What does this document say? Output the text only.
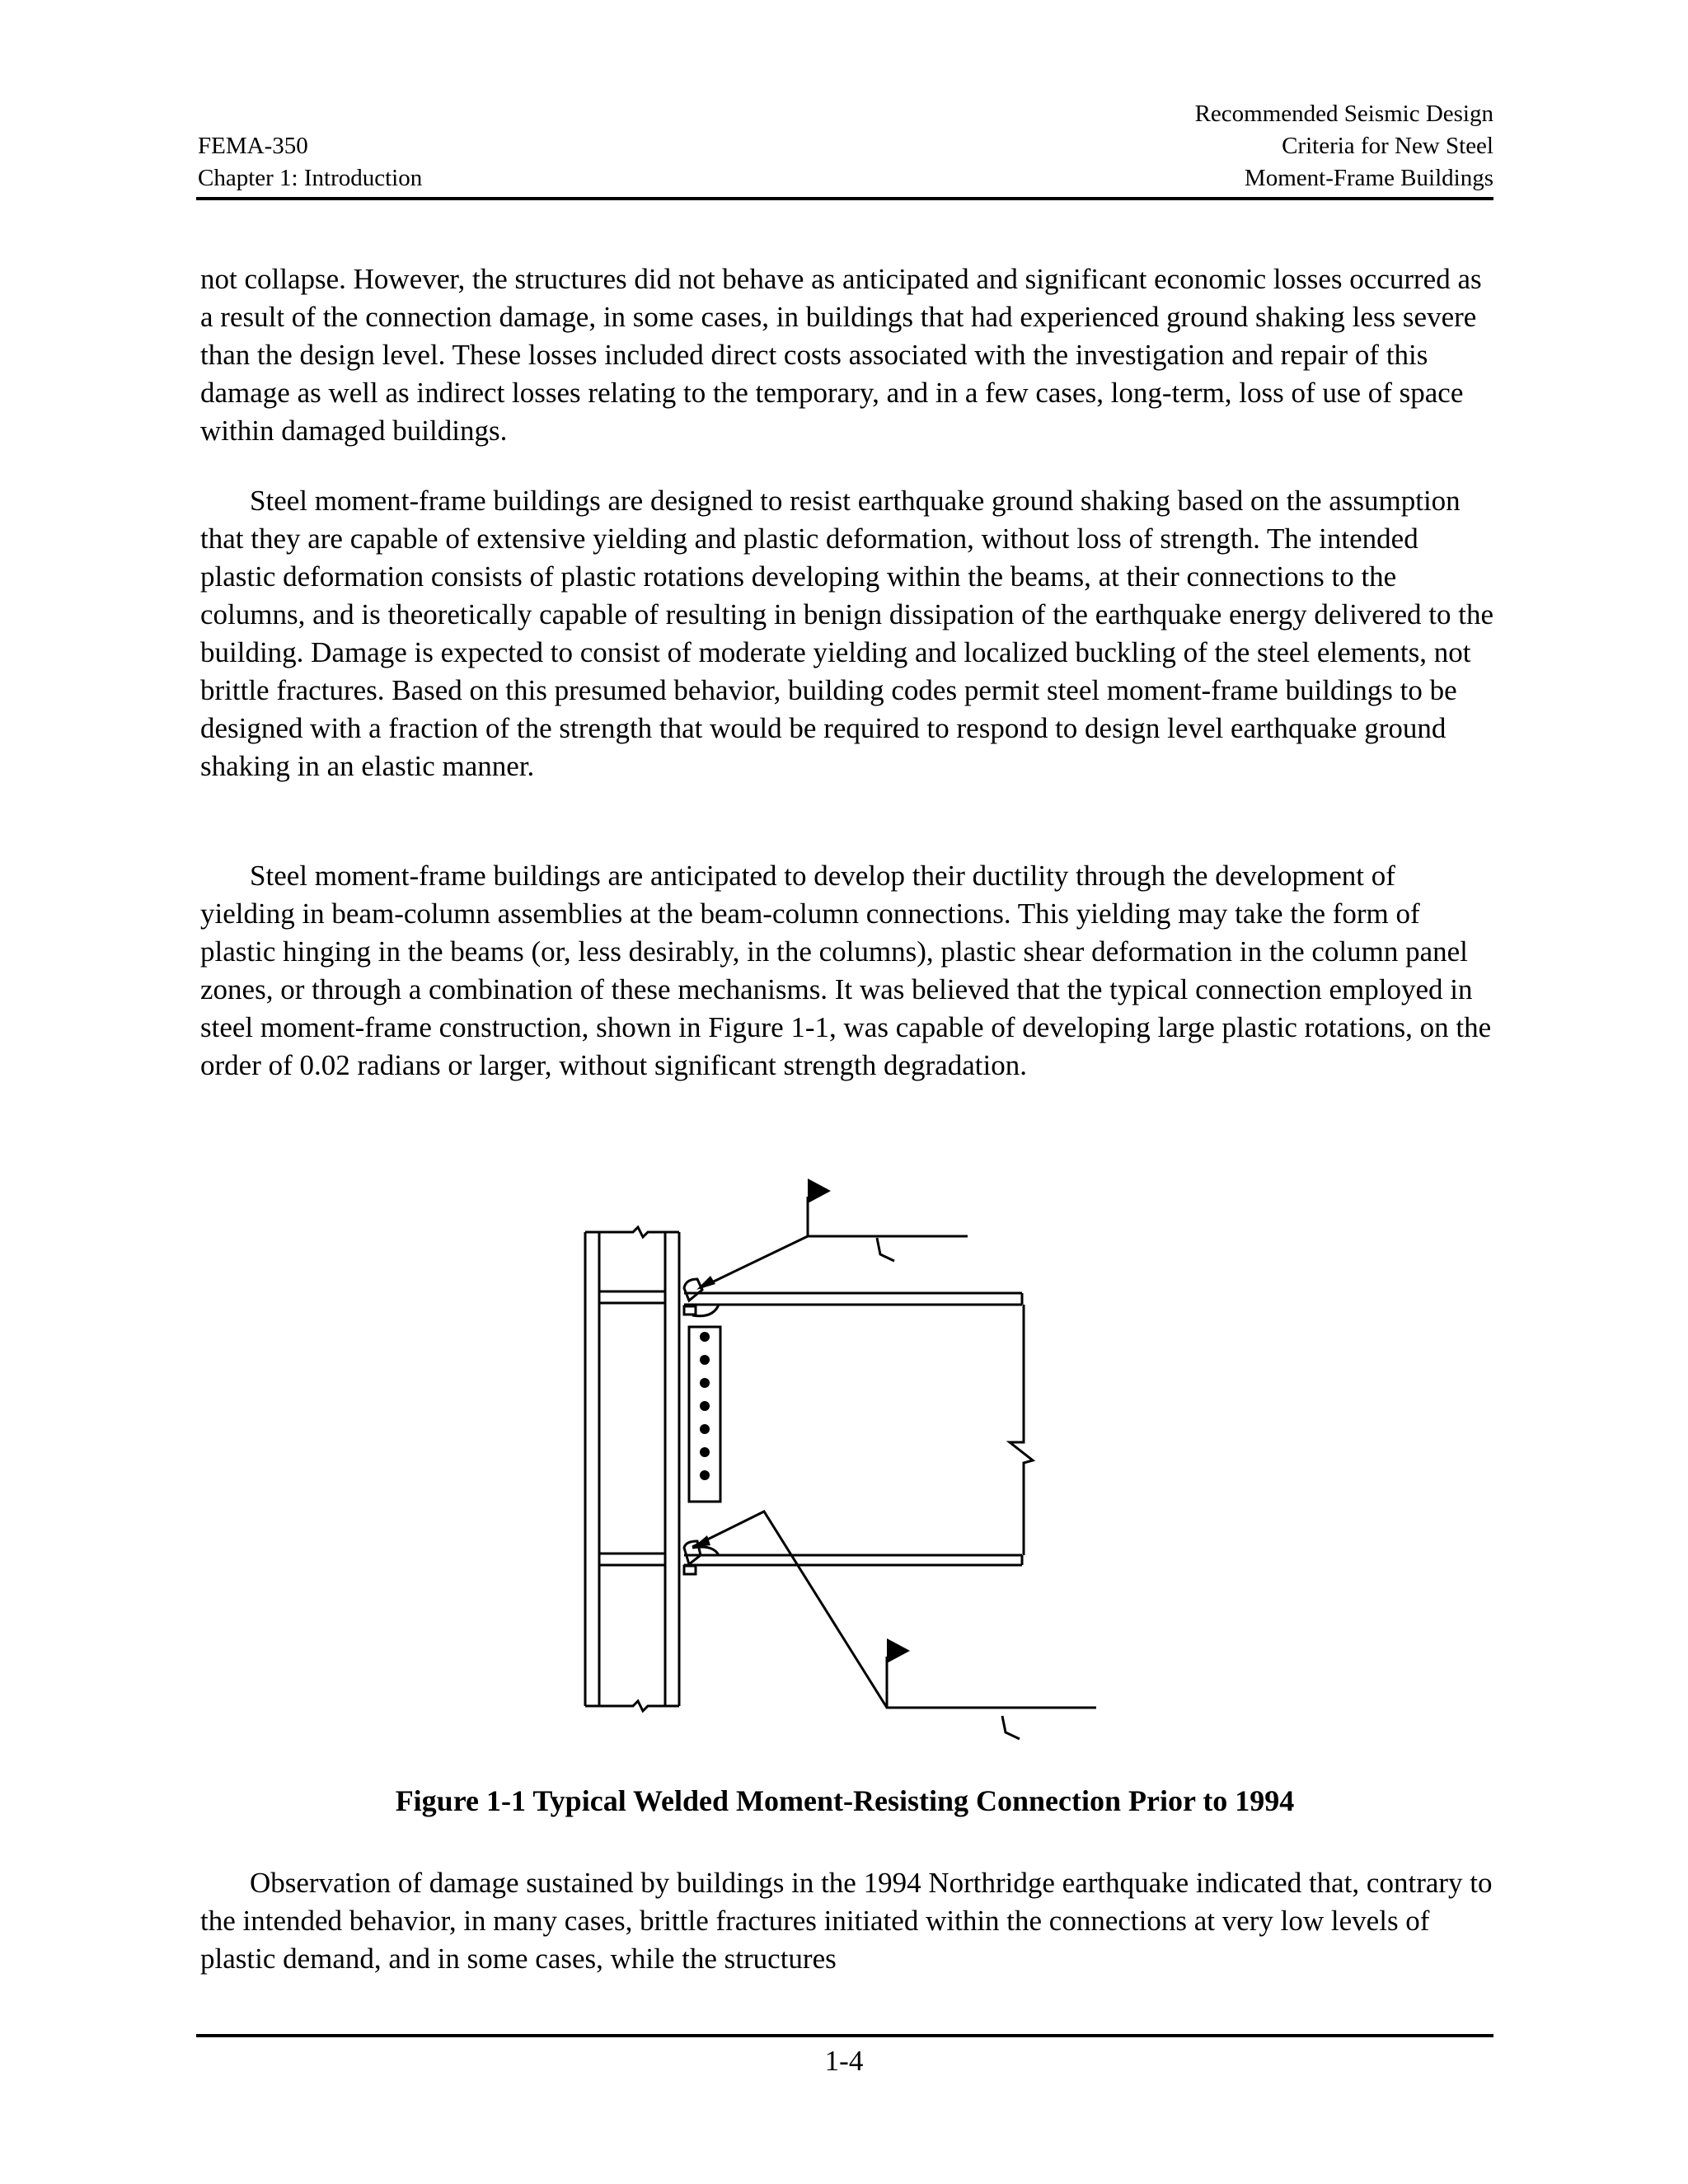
FEMA-350
Chapter 1: Introduction
Recommended Seismic Design
Criteria for New Steel
Moment-Frame Buildings

not collapse. However, the structures did not behave as anticipated and significant economic losses occurred as a result of the connection damage, in some cases, in buildings that had experienced ground shaking less severe than the design level. These losses included direct costs associated with the investigation and repair of this damage as well as indirect losses relating to the temporary, and in a few cases, long-term, loss of use of space within damaged buildings.

Steel moment-frame buildings are designed to resist earthquake ground shaking based on the assumption that they are capable of extensive yielding and plastic deformation, without loss of strength. The intended plastic deformation consists of plastic rotations developing within the beams, at their connections to the columns, and is theoretically capable of resulting in benign dissipation of the earthquake energy delivered to the building. Damage is expected to consist of moderate yielding and localized buckling of the steel elements, not brittle fractures. Based on this presumed behavior, building codes permit steel moment-frame buildings to be designed with a fraction of the strength that would be required to respond to design level earthquake ground shaking in an elastic manner.

Steel moment-frame buildings are anticipated to develop their ductility through the development of yielding in beam-column assemblies at the beam-column connections. This yielding may take the form of plastic hinging in the beams (or, less desirably, in the columns), plastic shear deformation in the column panel zones, or through a combination of these mechanisms. It was believed that the typical connection employed in steel moment-frame construction, shown in Figure 1-1, was capable of developing large plastic rotations, on the order of 0.02 radians or larger, without significant strength degradation.

Figure 1-1 Typical Welded Moment-Resisting Connection Prior to 1994

Observation of damage sustained by buildings in the 1994 Northridge earthquake indicated that, contrary to the intended behavior, in many cases, brittle fractures initiated within the connections at very low levels of plastic demand, and in some cases, while the structures

1-4
